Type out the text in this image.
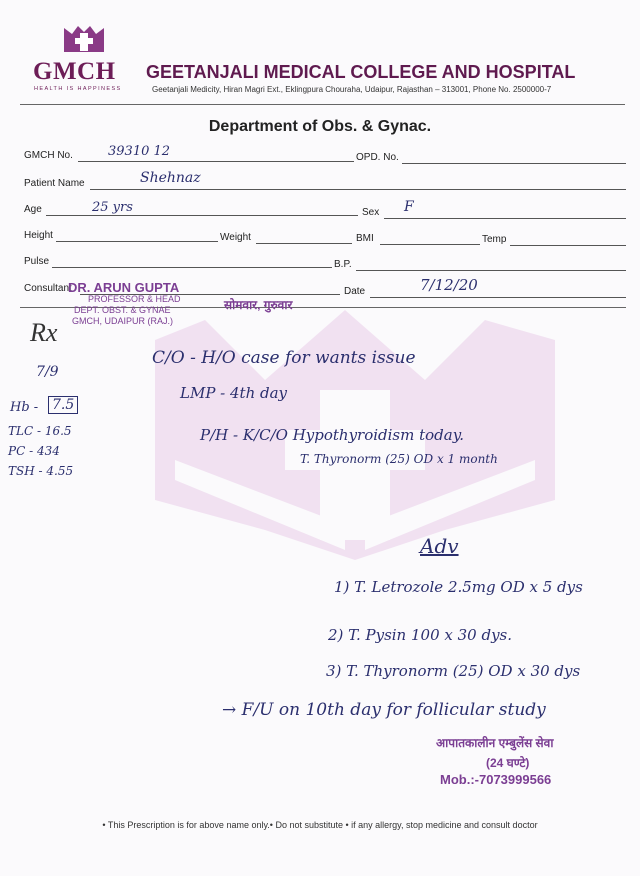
GMCH
HEALTH IS HAPPINESS
GEETANJALI MEDICAL COLLEGE AND HOSPITAL
Geetanjali Medicity, Hiran Magri Ext., Eklingpura Chouraha, Udaipur, Rajasthan – 313001, Phone No. 2500000-7
Department of Obs. & Gynac.
GMCH No.	39310 12	OPD. No.
Patient Name	Shehnaz
Age	25 yrs	Sex F
Height	Weight	BMI	Temp
Pulse	B.P.
Consultant	Date	7/12/20
DR. ARUN GUPTA
PROFESSOR & HEAD
DEPT. OBST. & GYNAE
GMCH, UDAIPUR (RAJ.)
सोमवार, गुरुवार
Rx
7/9
Hb - 7.5
TLC - 16.5
PC - 434
TSH - 4.55
C/O - H/O case for wants issue
LMP - 4th day
P/H - K/C/O Hypothyroidism today.
T. Thyronorm (25) OD x 1 month
Adv
1) T. Letrozole 2.5mg OD x 5 dys
2) T. Pysin 100 x 30 dys.
3) T. Thyronorm (25) OD x 30 dys
→ F/U on 10th day for follicular study
आपातकालीन एम्बुलेंस सेवा
(24 घण्टे)
Mob.:-7073999566
• This Prescription is for above name only.• Do not substitute • if any allergy, stop medicine and consult doctor
